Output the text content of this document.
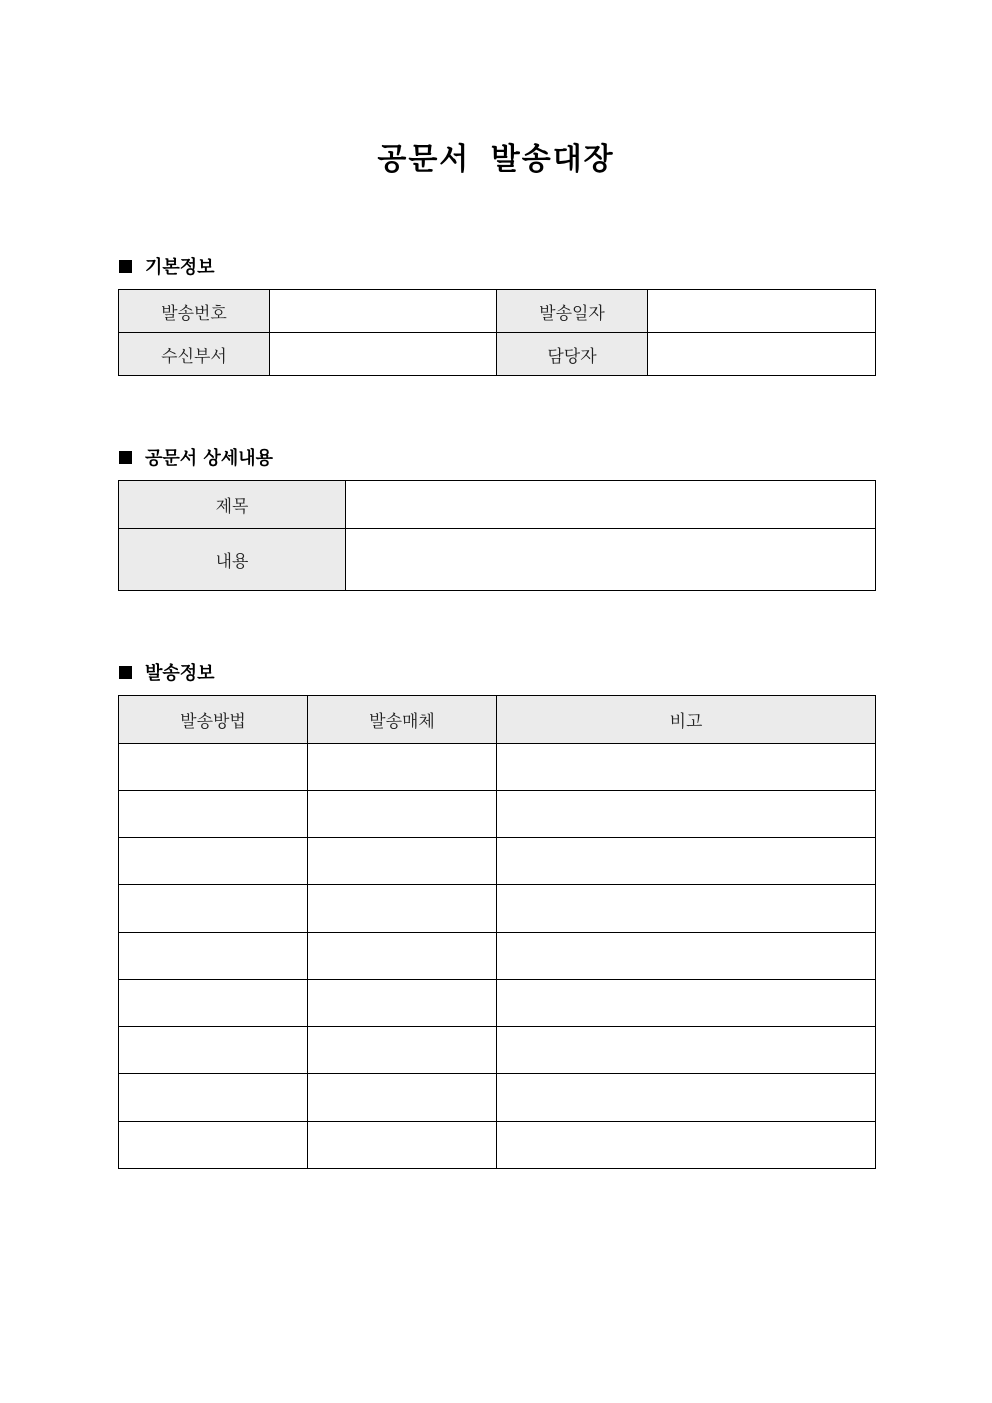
공문서 발송대장
기본정보
발송번호		발송일자	
수신부서		담당자	
공문서 상세내용
제목	
내용	
발송정보
발송방법	발송매체	비고
